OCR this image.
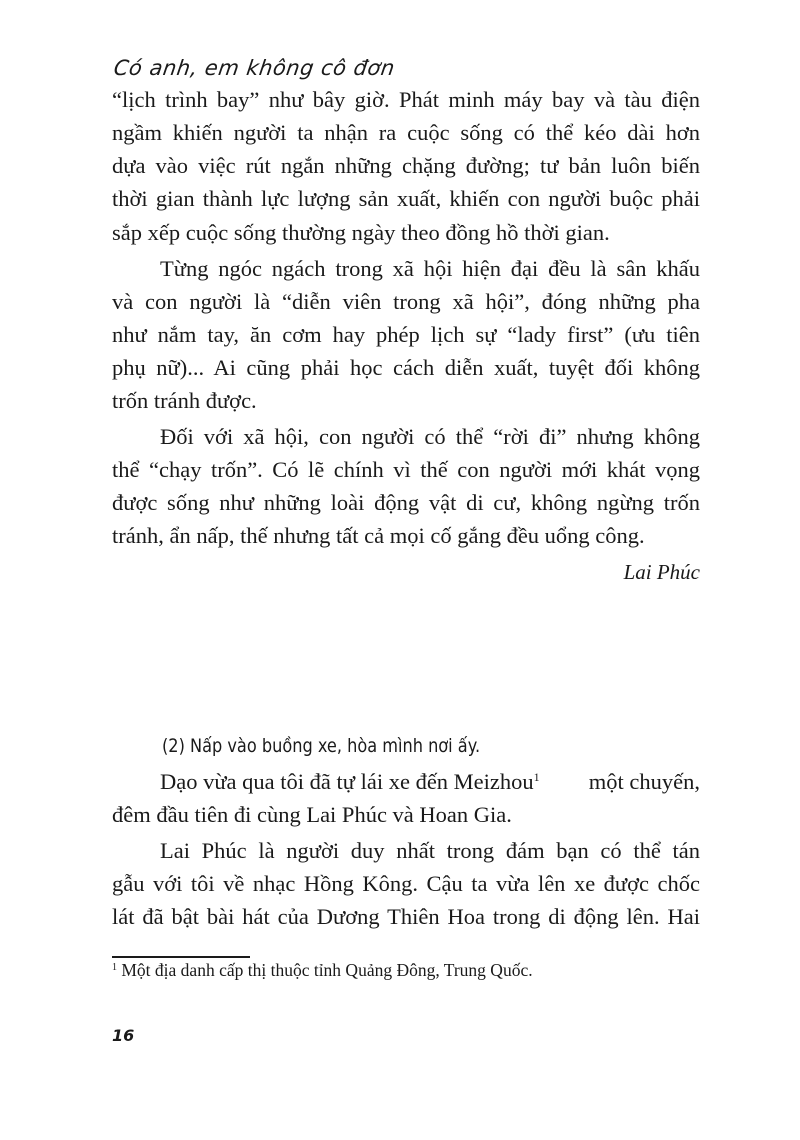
Có anh, em không cô đơn
“lịch trình bay” như bây giờ. Phát minh máy bay và tàu điện
ngầm khiến người ta nhận ra cuộc sống có thể kéo dài hơn
dựa vào việc rút ngắn những chặng đường; tư bản luôn biến
thời gian thành lực lượng sản xuất, khiến con người buộc phải
sắp xếp cuộc sống thường ngày theo đồng hồ thời gian.
Từng ngóc ngách trong xã hội hiện đại đều là sân khấu
và con người là “diễn viên trong xã hội”, đóng những pha
như nắm tay, ăn cơm hay phép lịch sự “lady first” (ưu tiên
phụ nữ)... Ai cũng phải học cách diễn xuất, tuyệt đối không
trốn tránh được.
Đối với xã hội, con người có thể “rời đi” nhưng không
thể “chạy trốn”. Có lẽ chính vì thế con người mới khát vọng
được sống như những loài động vật di cư, không ngừng trốn
tránh, ẩn nấp, thế nhưng tất cả mọi cố gắng đều uổng công.
Lai Phúc
(2) Nấp vào buồng xe, hòa mình nơi ấy.
Dạo vừa qua tôi đã tự lái xe đến Meizhou$^1$ một chuyến,
đêm đầu tiên đi cùng Lai Phúc và Hoan Gia.
Lai Phúc là người duy nhất trong đám bạn có thể tán
gẫu với tôi về nhạc Hồng Kông. Cậu ta vừa lên xe được chốc
lát đã bật bài hát của Dương Thiên Hoa trong di động lên. Hai
$^1$ Một địa danh cấp thị thuộc tỉnh Quảng Đông, Trung Quốc.
16
